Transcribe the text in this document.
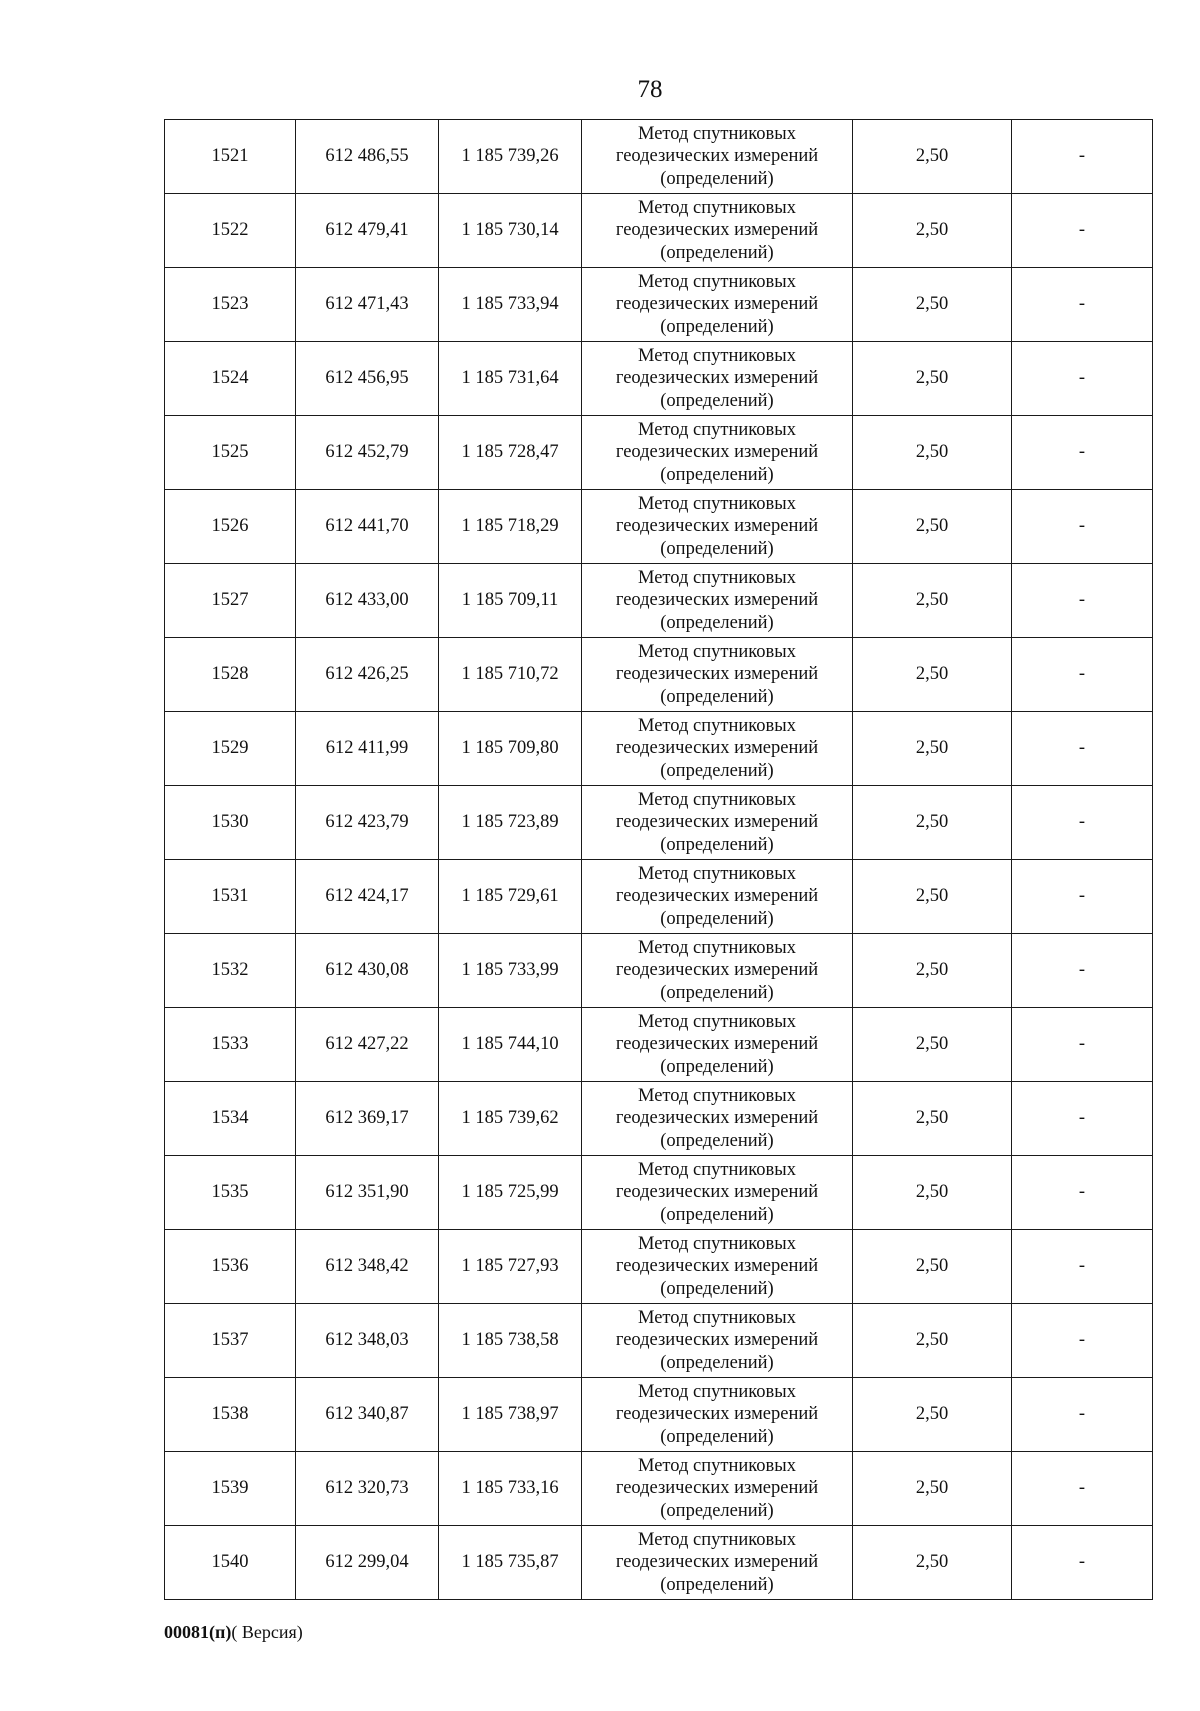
78
1521	612 486,55	1 185 739,26	Метод спутниковых
геодезических измерений
(определений)	2,50	-
1522	612 479,41	1 185 730,14	Метод спутниковых
геодезических измерений
(определений)	2,50	-
1523	612 471,43	1 185 733,94	Метод спутниковых
геодезических измерений
(определений)	2,50	-
1524	612 456,95	1 185 731,64	Метод спутниковых
геодезических измерений
(определений)	2,50	-
1525	612 452,79	1 185 728,47	Метод спутниковых
геодезических измерений
(определений)	2,50	-
1526	612 441,70	1 185 718,29	Метод спутниковых
геодезических измерений
(определений)	2,50	-
1527	612 433,00	1 185 709,11	Метод спутниковых
геодезических измерений
(определений)	2,50	-
1528	612 426,25	1 185 710,72	Метод спутниковых
геодезических измерений
(определений)	2,50	-
1529	612 411,99	1 185 709,80	Метод спутниковых
геодезических измерений
(определений)	2,50	-
1530	612 423,79	1 185 723,89	Метод спутниковых
геодезических измерений
(определений)	2,50	-
1531	612 424,17	1 185 729,61	Метод спутниковых
геодезических измерений
(определений)	2,50	-
1532	612 430,08	1 185 733,99	Метод спутниковых
геодезических измерений
(определений)	2,50	-
1533	612 427,22	1 185 744,10	Метод спутниковых
геодезических измерений
(определений)	2,50	-
1534	612 369,17	1 185 739,62	Метод спутниковых
геодезических измерений
(определений)	2,50	-
1535	612 351,90	1 185 725,99	Метод спутниковых
геодезических измерений
(определений)	2,50	-
1536	612 348,42	1 185 727,93	Метод спутниковых
геодезических измерений
(определений)	2,50	-
1537	612 348,03	1 185 738,58	Метод спутниковых
геодезических измерений
(определений)	2,50	-
1538	612 340,87	1 185 738,97	Метод спутниковых
геодезических измерений
(определений)	2,50	-
1539	612 320,73	1 185 733,16	Метод спутниковых
геодезических измерений
(определений)	2,50	-
1540	612 299,04	1 185 735,87	Метод спутниковых
геодезических измерений
(определений)	2,50	-
00081(п)( Версия)
